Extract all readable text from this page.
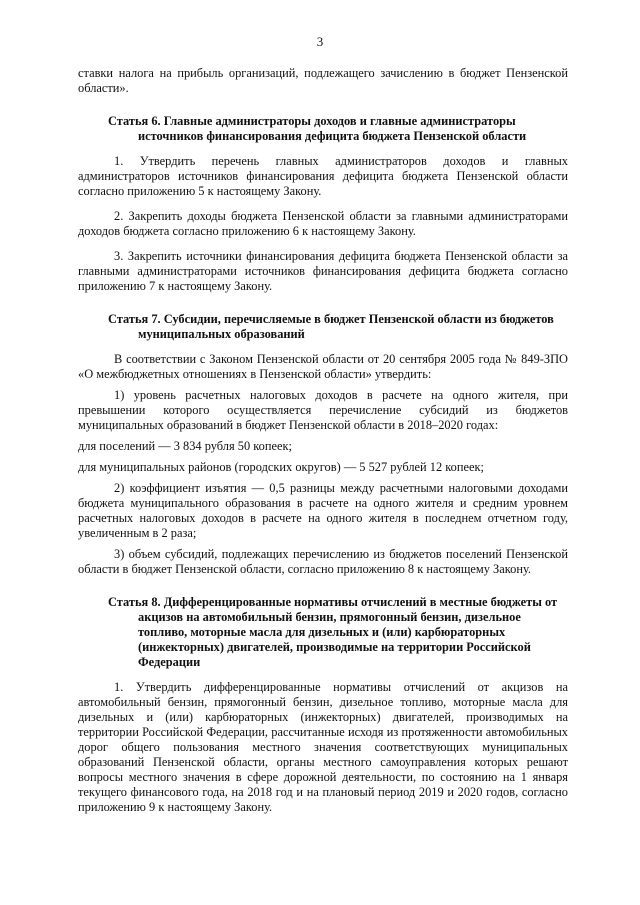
3

ставки налога на прибыль организаций, подлежащего зачислению в бюджет Пензенской области».

Статья 6. Главные администраторы доходов и главные администраторы источников финансирования дефицита бюджета Пензенской области

1. Утвердить перечень главных администраторов доходов и главных администраторов источников финансирования дефицита бюджета Пензенской области согласно приложению 5 к настоящему Закону.

2. Закрепить доходы бюджета Пензенской области за главными администраторами доходов бюджета согласно приложению 6 к настоящему Закону.

3. Закрепить источники финансирования дефицита бюджета Пензенской области за главными администраторами источников финансирования дефицита бюджета согласно приложению 7 к настоящему Закону.

Статья 7. Субсидии, перечисляемые в бюджет Пензенской области из бюджетов муниципальных образований

В соответствии с Законом Пензенской области от 20 сентября 2005 года № 849-ЗПО «О межбюджетных отношениях в Пензенской области» утвердить:

1) уровень расчетных налоговых доходов в расчете на одного жителя, при превышении которого осуществляется перечисление субсидий из бюджетов муниципальных образований в бюджет Пензенской области в 2018–2020 годах:

для поселений — 3 834 рубля 50 копеек;

для муниципальных районов (городских округов) — 5 527 рублей 12 копеек;

2) коэффициент изъятия — 0,5 разницы между расчетными налоговыми доходами бюджета муниципального образования в расчете на одного жителя и средним уровнем расчетных налоговых доходов в расчете на одного жителя в последнем отчетном году, увеличенным в 2 раза;

3) объем субсидий, подлежащих перечислению из бюджетов поселений Пензенской области в бюджет Пензенской области, согласно приложению 8 к настоящему Закону.

Статья 8. Дифференцированные нормативы отчислений в местные бюджеты от акцизов на автомобильный бензин, прямогонный бензин, дизельное топливо, моторные масла для дизельных и (или) карбюраторных (инжекторных) двигателей, производимые на территории Российской Федерации

1. Утвердить дифференцированные нормативы отчислений от акцизов на автомобильный бензин, прямогонный бензин, дизельное топливо, моторные масла для дизельных и (или) карбюраторных (инжекторных) двигателей, производимых на территории Российской Федерации, рассчитанные исходя из протяженности автомобильных дорог общего пользования местного значения соответствующих муниципальных образований Пензенской области, органы местного самоуправления которых решают вопросы местного значения в сфере дорожной деятельности, по состоянию на 1 января текущего финансового года, на 2018 год и на плановый период 2019 и 2020 годов, согласно приложению 9 к настоящему Закону.
